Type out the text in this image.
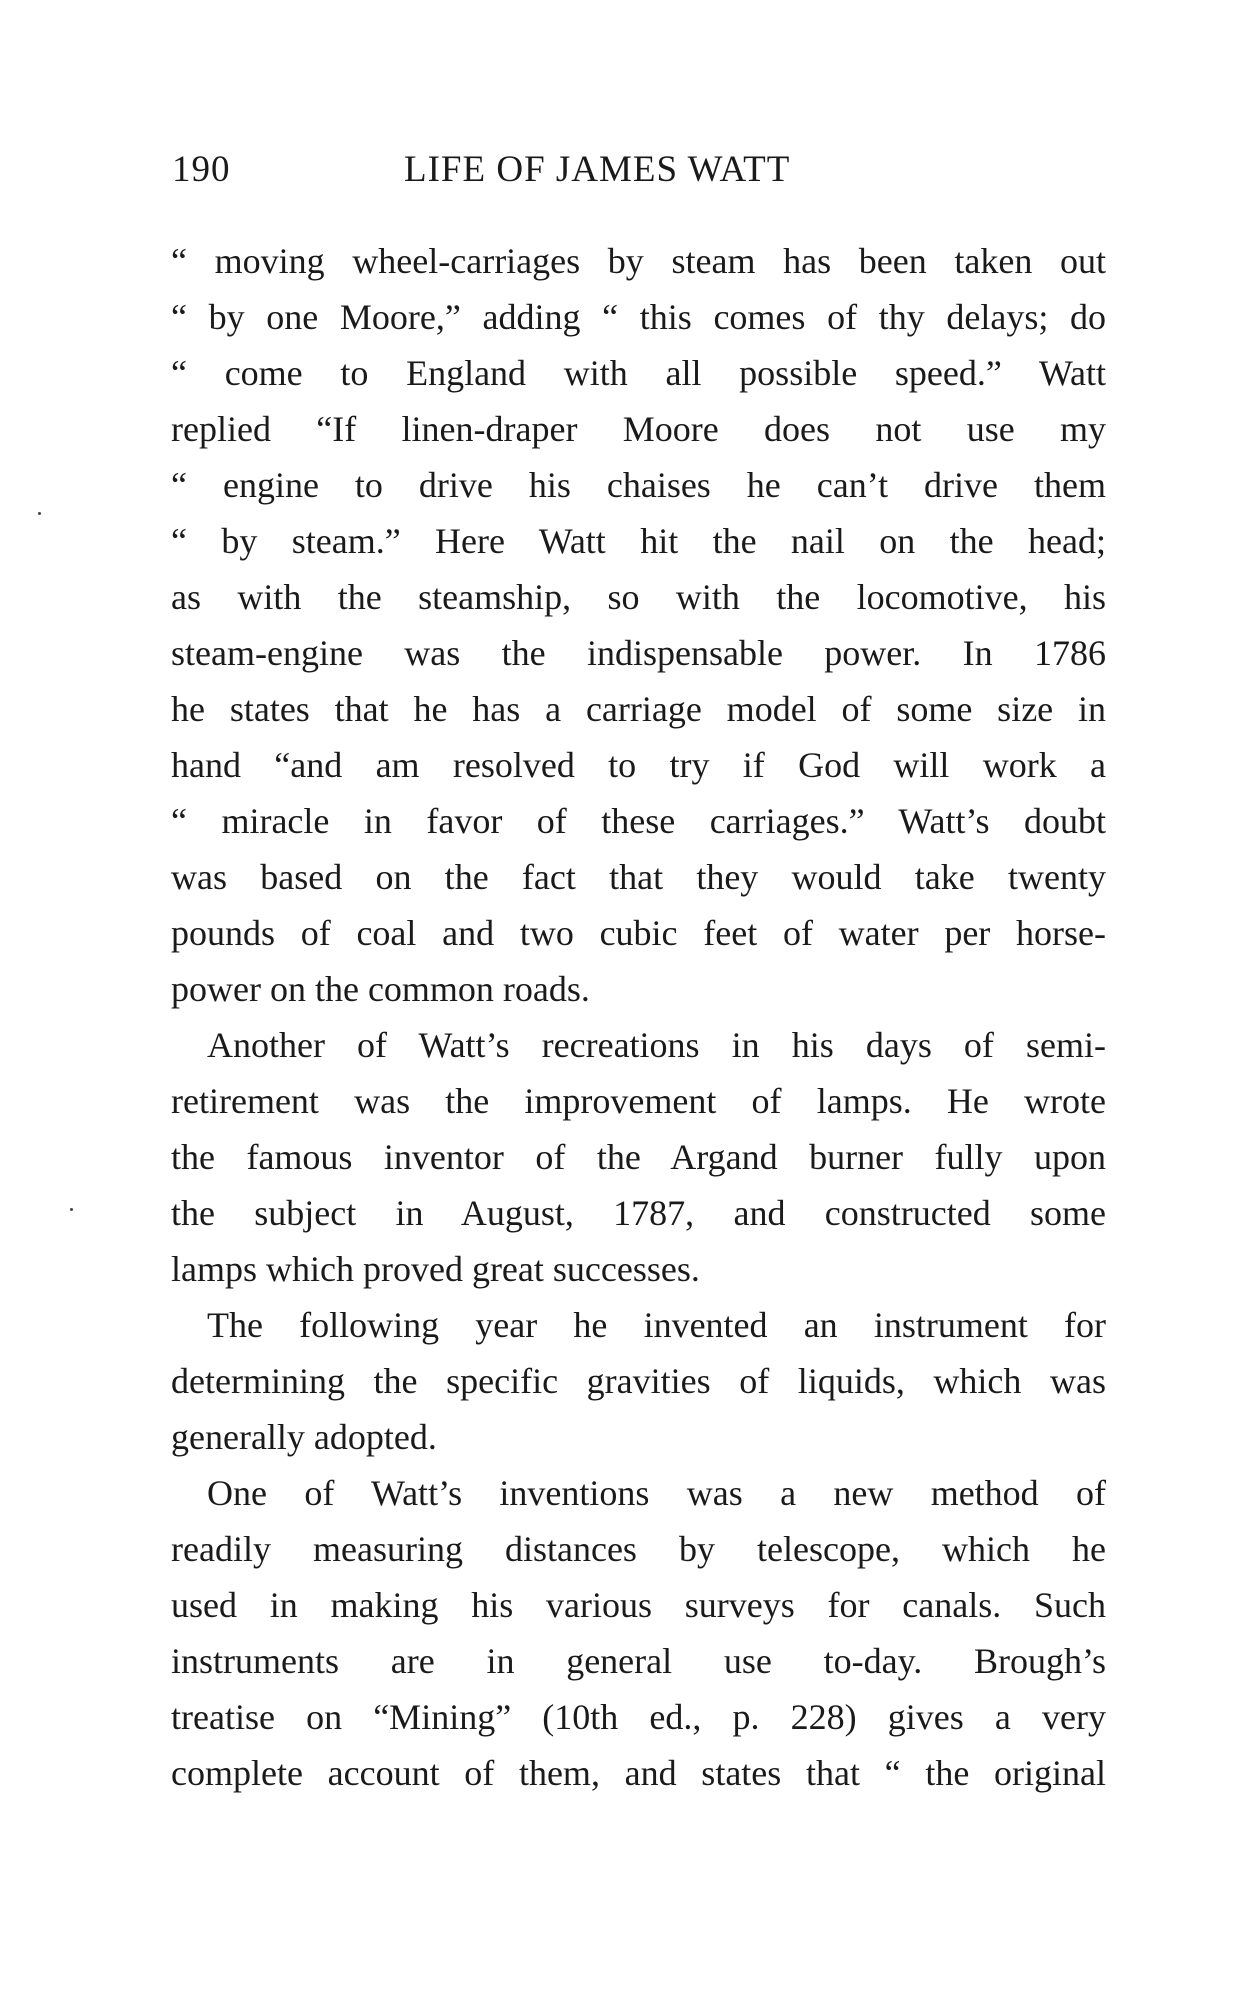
190	LIFE OF JAMES WATT
“ moving wheel-carriages by steam has been taken out
“ by one Moore,” adding “ this comes of thy delays; do
“ come to England with all possible speed.” Watt
replied “If linen-draper Moore does not use my
“ engine to drive his chaises he can’t drive them
“ by steam.” Here Watt hit the nail on the head;
as with the steamship, so with the locomotive, his
steam-engine was the indispensable power. In 1786
he states that he has a carriage model of some size in
hand “and am resolved to try if God will work a
“ miracle in favor of these carriages.” Watt’s doubt
was based on the fact that they would take twenty
pounds of coal and two cubic feet of water per horse-
power on the common roads.
Another of Watt’s recreations in his days of semi-
retirement was the improvement of lamps. He wrote
the famous inventor of the Argand burner fully upon
the subject in August, 1787, and constructed some
lamps which proved great successes.
The following year he invented an instrument for
determining the specific gravities of liquids, which was
generally adopted.
One of Watt’s inventions was a new method of
readily measuring distances by telescope, which he
used in making his various surveys for canals. Such
instruments are in general use to-day. Brough’s
treatise on “Mining” (10th ed., p. 228) gives a very
complete account of them, and states that “ the original
